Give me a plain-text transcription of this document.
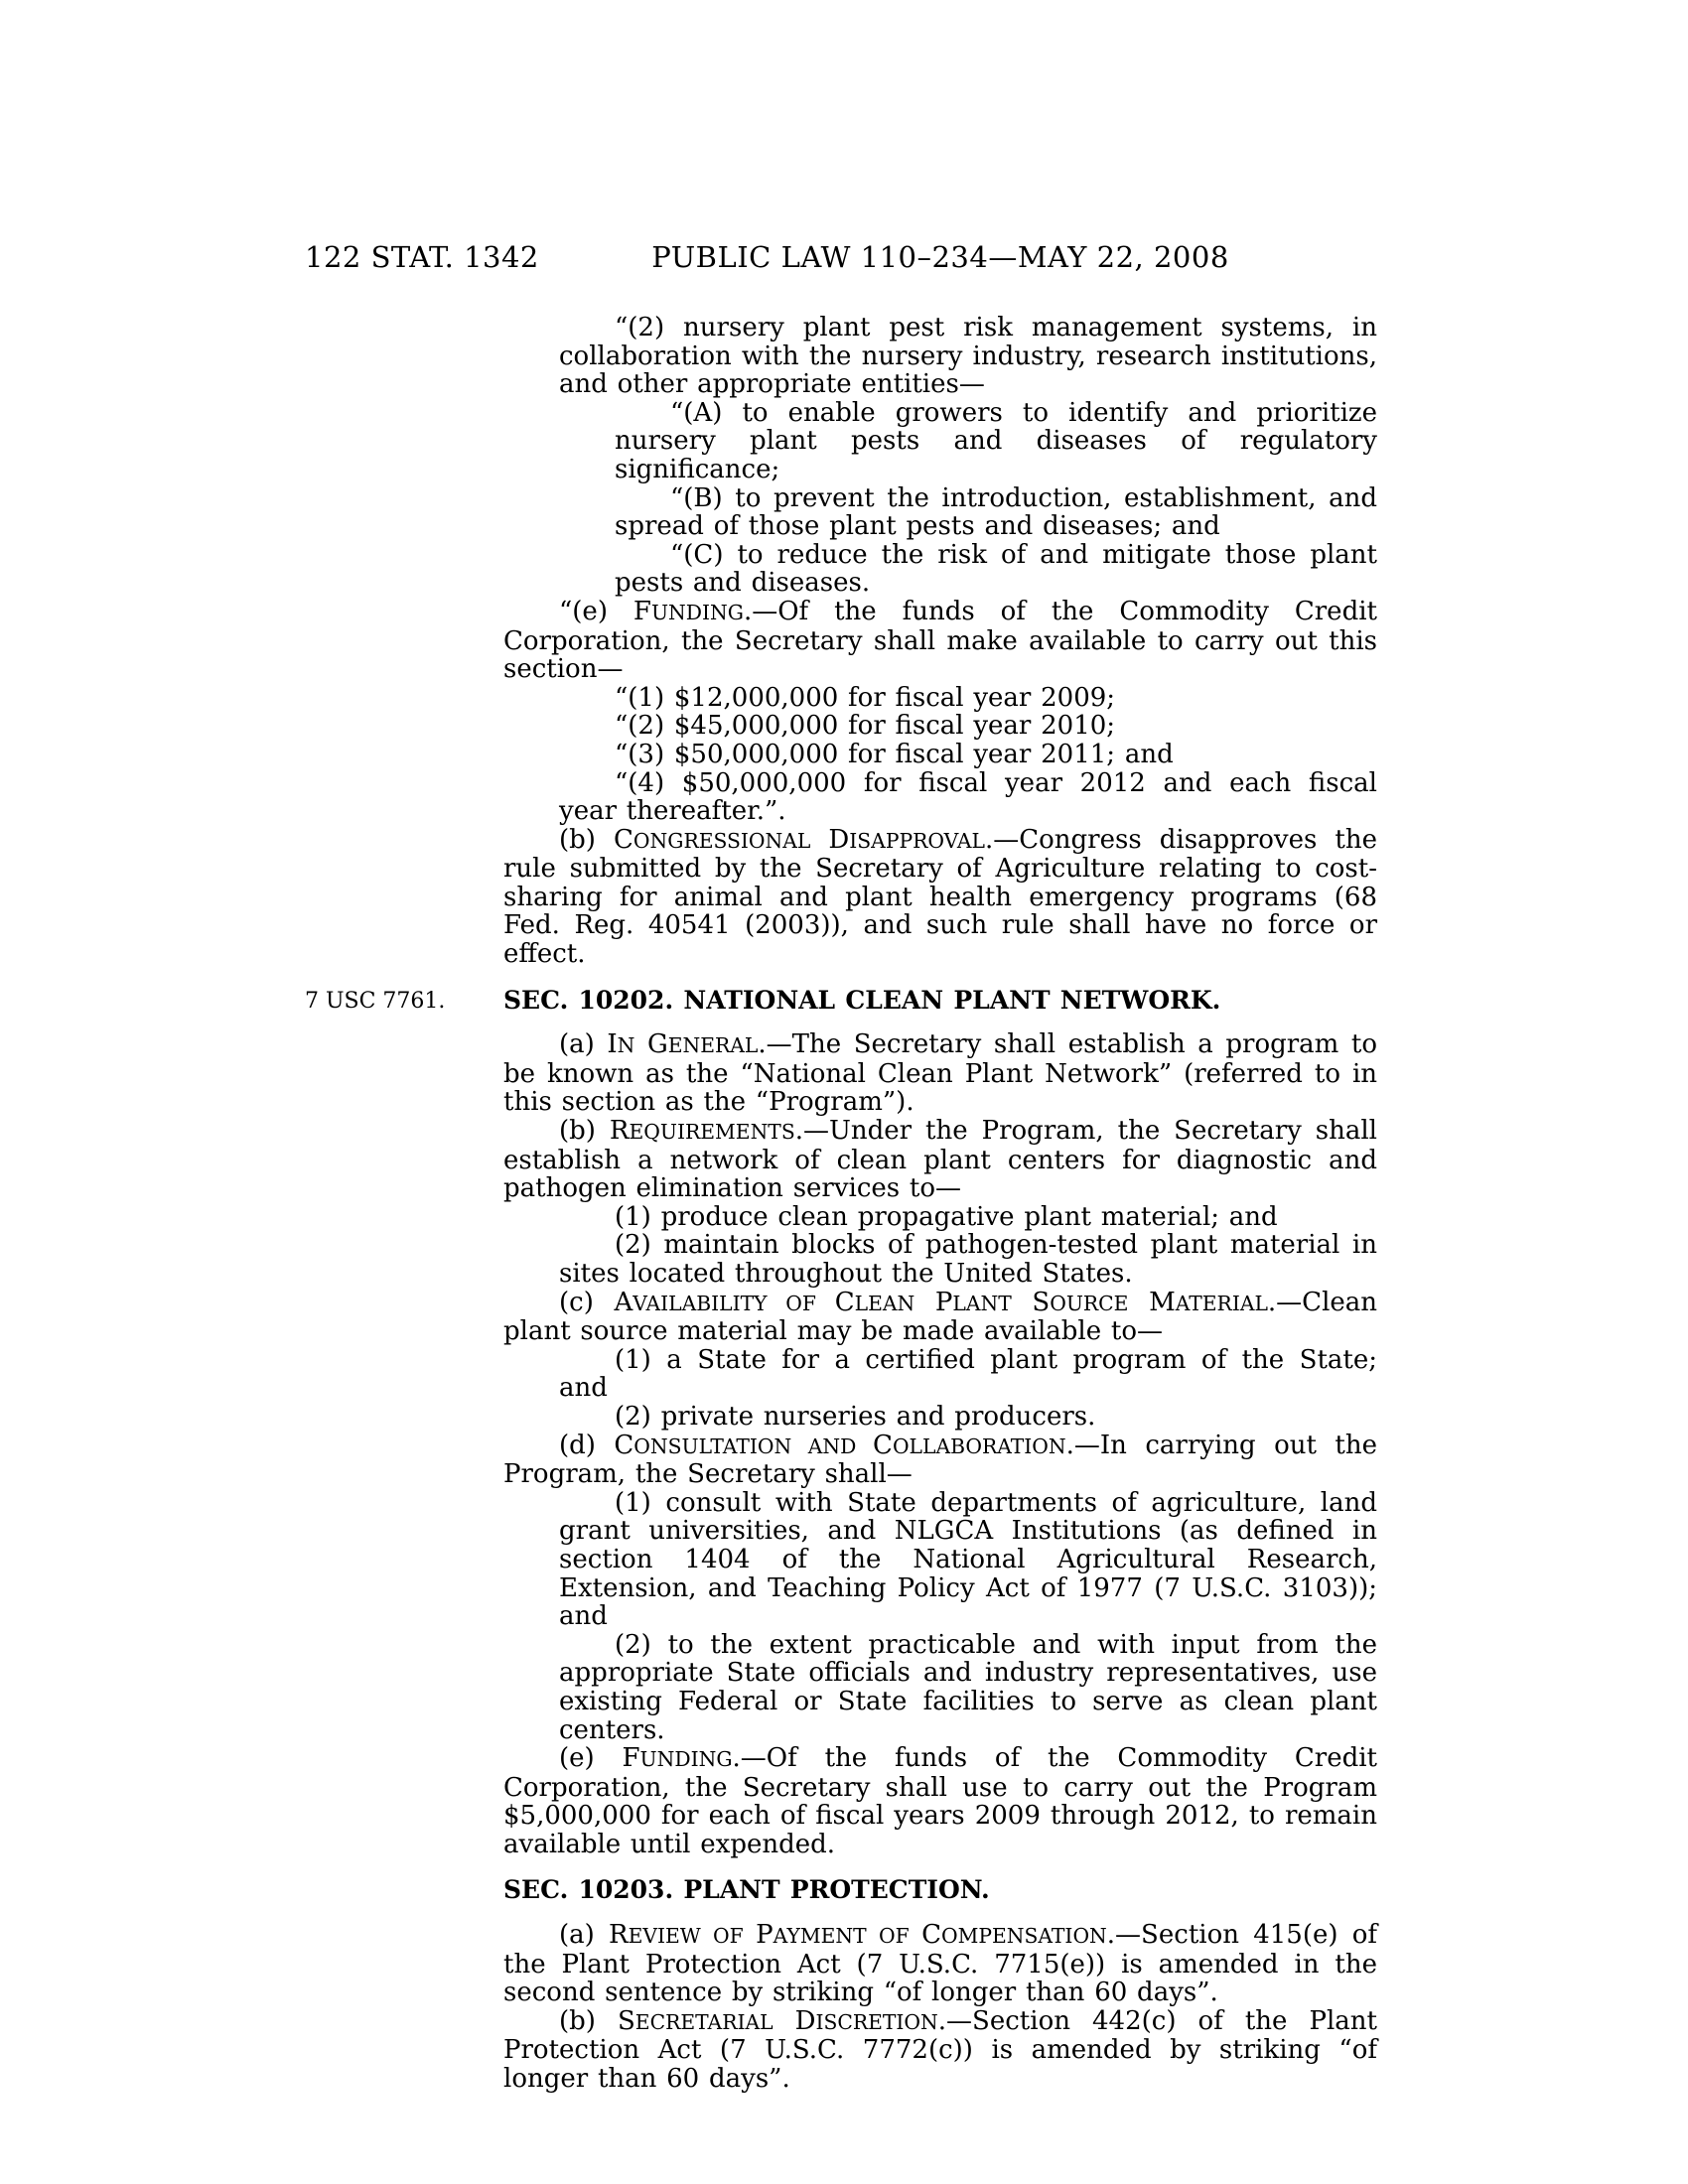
122 STAT. 1342	PUBLIC LAW 110–234—MAY 22, 2008

“(2) nursery plant pest risk management systems, in collaboration with the nursery industry, research institutions, and other appropriate entities—

“(A) to enable growers to identify and prioritize nursery plant pests and diseases of regulatory significance;

“(B) to prevent the introduction, establishment, and spread of those plant pests and diseases; and

“(C) to reduce the risk of and mitigate those plant pests and diseases.

“(e) FUNDING.—Of the funds of the Commodity Credit Corporation, the Secretary shall make available to carry out this section—

“(1) $12,000,000 for fiscal year 2009;

“(2) $45,000,000 for fiscal year 2010;

“(3) $50,000,000 for fiscal year 2011; and

“(4) $50,000,000 for fiscal year 2012 and each fiscal year thereafter.”.

(b) CONGRESSIONAL DISAPPROVAL.—Congress disapproves the rule submitted by the Secretary of Agriculture relating to cost-sharing for animal and plant health emergency programs (68 Fed. Reg. 40541 (2003)), and such rule shall have no force or effect.

7 USC 7761.	SEC. 10202. NATIONAL CLEAN PLANT NETWORK.

(a) IN GENERAL.—The Secretary shall establish a program to be known as the “National Clean Plant Network” (referred to in this section as the “Program”).

(b) REQUIREMENTS.—Under the Program, the Secretary shall establish a network of clean plant centers for diagnostic and pathogen elimination services to—

(1) produce clean propagative plant material; and

(2) maintain blocks of pathogen-tested plant material in sites located throughout the United States.

(c) AVAILABILITY OF CLEAN PLANT SOURCE MATERIAL.—Clean plant source material may be made available to—

(1) a State for a certified plant program of the State; and

(2) private nurseries and producers.

(d) CONSULTATION AND COLLABORATION.—In carrying out the Program, the Secretary shall—

(1) consult with State departments of agriculture, land grant universities, and NLGCA Institutions (as defined in section 1404 of the National Agricultural Research, Extension, and Teaching Policy Act of 1977 (7 U.S.C. 3103)); and

(2) to the extent practicable and with input from the appropriate State officials and industry representatives, use existing Federal or State facilities to serve as clean plant centers.

(e) FUNDING.—Of the funds of the Commodity Credit Corporation, the Secretary shall use to carry out the Program $5,000,000 for each of fiscal years 2009 through 2012, to remain available until expended.

SEC. 10203. PLANT PROTECTION.

(a) REVIEW OF PAYMENT OF COMPENSATION.—Section 415(e) of the Plant Protection Act (7 U.S.C. 7715(e)) is amended in the second sentence by striking “of longer than 60 days”.

(b) SECRETARIAL DISCRETION.—Section 442(c) of the Plant Protection Act (7 U.S.C. 7772(c)) is amended by striking “of longer than 60 days”.
